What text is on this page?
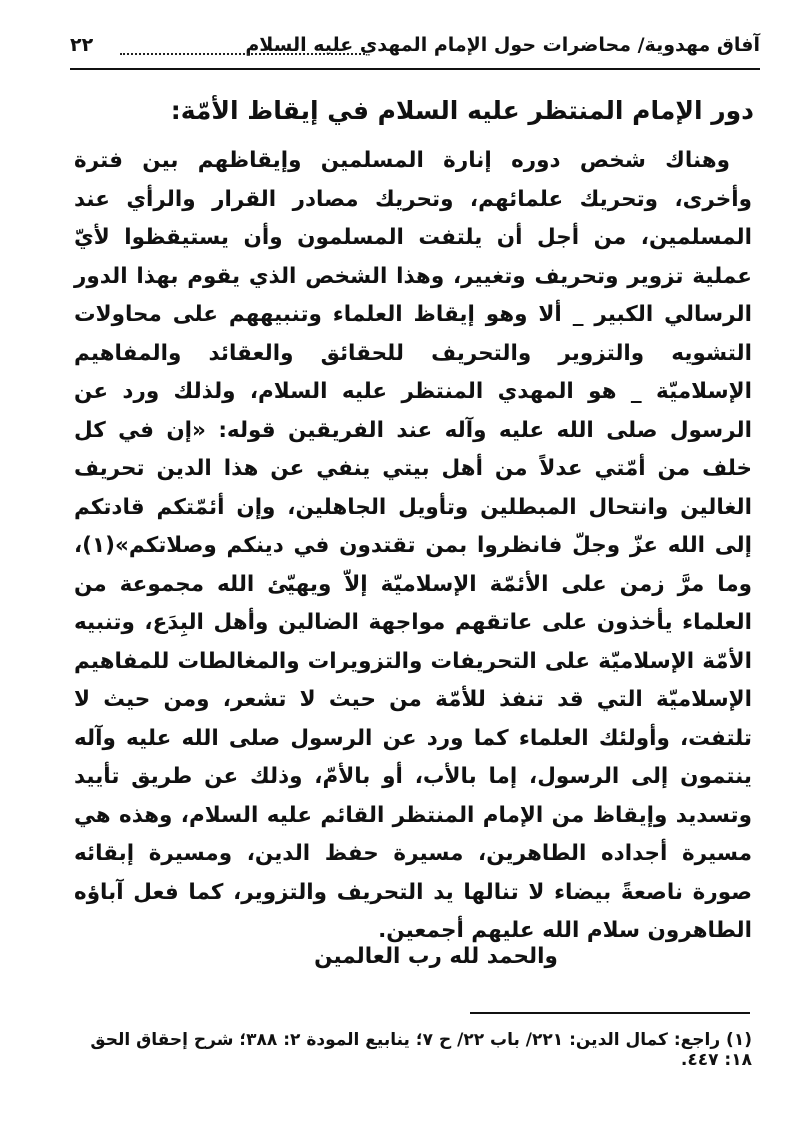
آفاق مهدوية/ محاضرات حول الإمام المهدي عليه السلام
٢٢
دور الإمام المنتظر عليه السلام في إيقاظ الأمّة:

وهناك شخص دوره إنارة المسلمين وإيقاظهم بين فترة وأخرى، وتحريك علمائهم، وتحريك مصادر القرار والرأي عند المسلمين، من أجل أن يلتفت المسلمون وأن يستيقظوا لأيّ عملية تزوير وتحريف وتغيير، وهذا الشخص الذي يقوم بهذا الدور الرسالي الكبير _ ألا وهو إيقاظ العلماء وتنبيههم على محاولات التشويه والتزوير والتحريف للحقائق والعقائد والمفاهيم الإسلاميّة _ هو المهدي المنتظر عليه السلام، ولذلك ورد عن الرسول صلى الله عليه وآله عند الفريقين قوله: «إن في كل خلف من أمّتي عدلاً من أهل بيتي ينفي عن هذا الدين تحريف الغالين وانتحال المبطلين وتأويل الجاهلين، وإن أئمّتكم قادتكم إلى الله عزّ وجلّ فانظروا بمن تقتدون في دينكم وصلاتكم»(١)، وما مرَّ زمن على الأئمّة الإسلاميّة إلاّ ويهيّئ الله مجموعة من العلماء يأخذون على عاتقهم مواجهة الضالين وأهل البِدَع، وتنبيه الأمّة الإسلاميّة على التحريفات والتزويرات والمغالطات للمفاهيم الإسلاميّة التي قد تنفذ للأمّة من حيث لا تشعر، ومن حيث لا تلتفت، وأولئك العلماء كما ورد عن الرسول صلى الله عليه وآله ينتمون إلى الرسول، إما بالأب، أو بالأمّ، وذلك عن طريق تأييد وتسديد وإيقاظ من الإمام المنتظر القائم عليه السلام، وهذه هي مسيرة أجداده الطاهرين، مسيرة حفظ الدين، ومسيرة إبقائه صورة ناصعةً بيضاء لا تنالها يد التحريف والتزوير، كما فعل آباؤه الطاهرون سلام الله عليهم أجمعين.

والحمد لله رب العالمين
(١) راجع: كمال الدين: ٢٢١/ باب ٢٢/ ح ٧؛ ينابيع المودة ٢: ٣٨٨؛ شرح إحقاق الحق ١٨: ٤٤٧.
